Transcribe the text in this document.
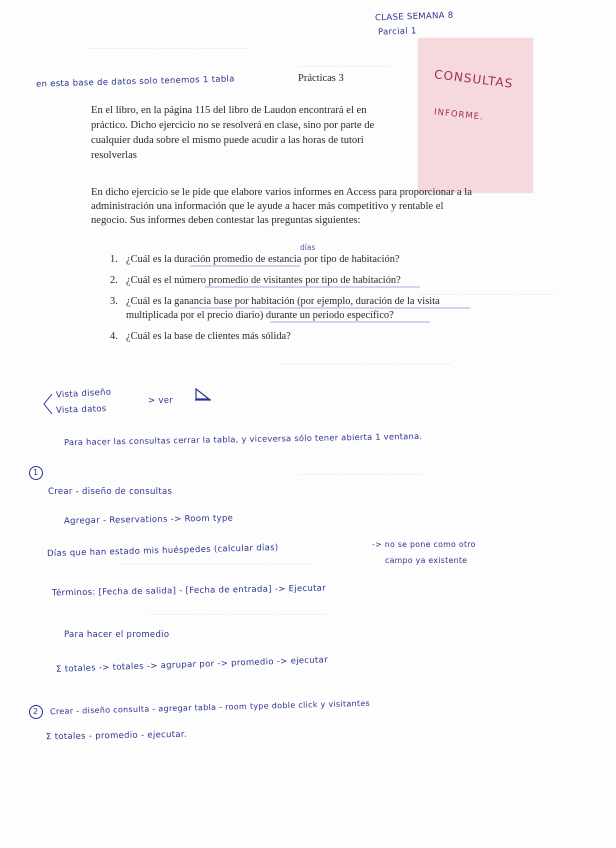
────────────── ──────── ──────────
──────── ──────────
──────── ─────────── ────────
──────── ───────── ────── ───────────
──────── ────────── ──────
──────── ─────────── ────────── ─────────
────────── ───── ────────── ──────────
CLASE SEMANA 8
Parcial 1
en esta base de datos solo tenemos 1 tabla	Prácticas 3	CONSULTAS
INFORME.
En el libro, en la página 115 del libro de Laudon encontrará el en
práctico. Dicho ejercicio no se resolverá en clase, sino por parte de
cualquier duda sobre el mismo puede acudir a las horas de tutori
resolverlas
En dicho ejercicio se le pide que elabore varios informes en Access para proporcionar a la
administración una información que le ayude a hacer más competitivo y rentable el
negocio. Sus informes deben contestar las preguntas siguientes:
días
1. ¿Cuál es la duración promedio de estancia por tipo de habitación?
2. ¿Cuál es el número promedio de visitantes por tipo de habitación?
3. ¿Cuál es la ganancia base por habitación (por ejemplo, duración de la visita
multiplicada por el precio diario) durante un periodo específico?
4. ¿Cuál es la base de clientes más sólida?
Vista diseño
Vista datos
> ver
Para hacer las consultas cerrar la tabla, y viceversa sólo tener abierta 1 ventana.
1
Crear - diseño de consultas
Agregar - Reservations -> Room type
Días que han estado mis huéspedes (calcular días)	-> no se pone como otro
campo ya existente
Términos: [Fecha de salida] - [Fecha de entrada] -> Ejecutar
Para hacer el promedio
Σ totales -> totales -> agrupar por -> promedio -> ejecutar
2 Crear - diseño consulta - agregar tabla - room type doble click y visitantes
Σ totales - promedio - ejecutar.
